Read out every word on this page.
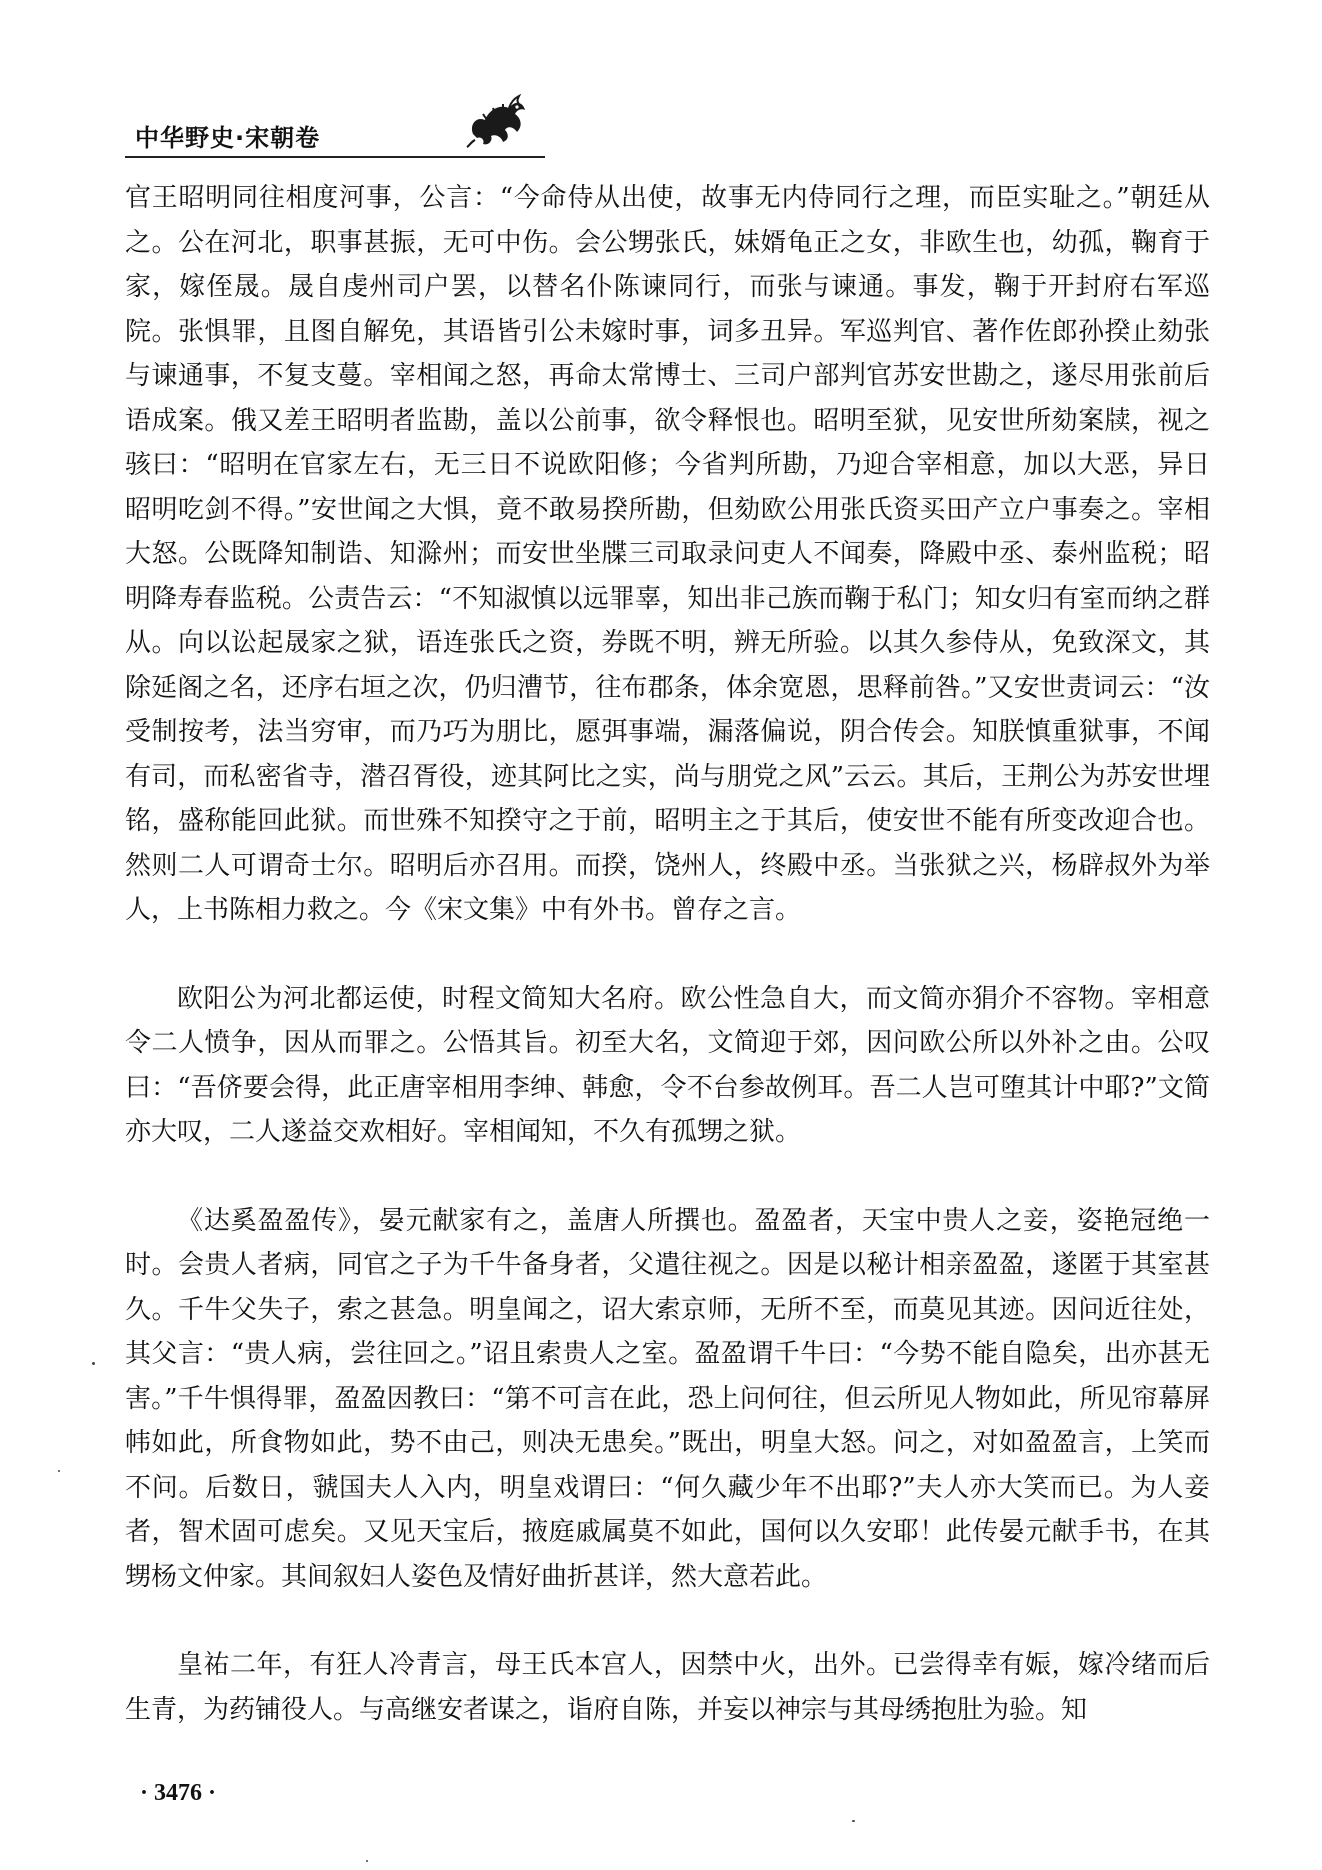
中华野史·宋朝卷

官王昭明同往相度河事，公言：“今命侍从出使，故事无内侍同行之理，而臣实耻之。”朝廷从之。公在河北，职事甚振，无可中伤。会公甥张氏，妹婿龟正之女，非欧生也，幼孤，鞠育于家，嫁侄晟。晟自虔州司户罢，以替名仆陈谏同行，而张与谏通。事发，鞠于开封府右军巡院。张惧罪，且图自解免，其语皆引公未嫁时事，词多丑异。军巡判官、著作佐郎孙揆止劾张与谏通事，不复支蔓。宰相闻之怒，再命太常博士、三司户部判官苏安世勘之，遂尽用张前后语成案。俄又差王昭明者监勘，盖以公前事，欲令释恨也。昭明至狱，见安世所劾案牍，视之骇曰：“昭明在官家左右，无三日不说欧阳修；今省判所勘，乃迎合宰相意，加以大恶，异日 昭明吃剑不得。”安世闻之大惧，竟不敢易揆所勘，但劾欧公用张氏资买田产立户事奏之。宰相大怒。公既降知制诰、知滁州；而安世坐牒三司取录问吏人不闻奏，降殿中丞、泰州监税；昭明降寿春监税。公责告云：“不知淑慎以远罪辜，知出非己族而鞠于私门；知女归有室而纳之群从。向以讼起晟家之狱，语连张氏之资，券既不明，辨无所验。以其久参侍从，免致深文，其除延阁之名，还序右垣之次，仍归漕节，往布郡条，体余宽恩，思释前咎。”又安世责词云：“汝受制按考，法当穷审，而乃巧为朋比，愿弭事端，漏落偏说，阴合传会。知朕慎重狱事，不闻有司，而私密省寺，潜召胥役，迹其阿比之实，尚与朋党之风”云云。其后，王荆公为苏安世埋铭，盛称能回此狱。而世殊不知揆守之于前，昭明主之于其后，使安世不能有所变改迎合也。然则二人可谓奇士尔。昭明后亦召用。而揆，饶州人，终殿中丞。当张狱之兴，杨辟叔外为举人，上书陈相力救之。今《宋文集》中有外书。曾存之言。

欧阳公为河北都运使，时程文简知大名府。欧公性急自大，而文简亦狷介不容物。宰相意令二人愤争，因从而罪之。公悟其旨。初至大名，文简迎于郊，因问欧公所以外补之由。公叹曰：“吾侪要会得，此正唐宰相用李绅、韩愈，令不台参故例耳。吾二人岂可堕其计中耶?”文简亦大叹，二人遂益交欢相好。宰相闻知，不久有孤甥之狱。

《达奚盈盈传》，晏元献家有之，盖唐人所撰也。盈盈者，天宝中贵人之妾，姿艳冠绝一时。会贵人者病，同官之子为千牛备身者，父遣往视之。因是以秘计相亲盈盈，遂匿于其室甚久。千牛父失子，索之甚急。明皇闻之，诏大索京师，无所不至，而莫见其迹。因问近往处，其父言：“贵人病，尝往回之。”诏且索贵人之室。盈盈谓千牛曰：“今势不能自隐矣，出亦甚无害。”千牛惧得罪，盈盈因教曰：“第不可言在此，恐上问何往，但云所见人物如此，所见帘幕屏帏如此，所食物如此，势不由己，则决无患矣。”既出，明皇大怒。问之，对如盈盈言，上笑而不问。后数日，虢国夫人入内，明皇戏谓曰：“何久藏少年不出耶?”夫人亦大笑而已。为人妾者，智术固可虑矣。又见天宝后，掖庭戚属莫不如此，国何以久安耶！此传晏元献手书，在其甥杨文仲家。其间叙妇人姿色及情好曲折甚详，然大意若此。

皇祐二年，有狂人冷青言，母王氏本宫人，因禁中火，出外。已尝得幸有娠，嫁冷绪而后生青，为药铺役人。与高继安者谋之，诣府自陈，并妄以神宗与其母绣抱肚为验。知

· 3476 ·
